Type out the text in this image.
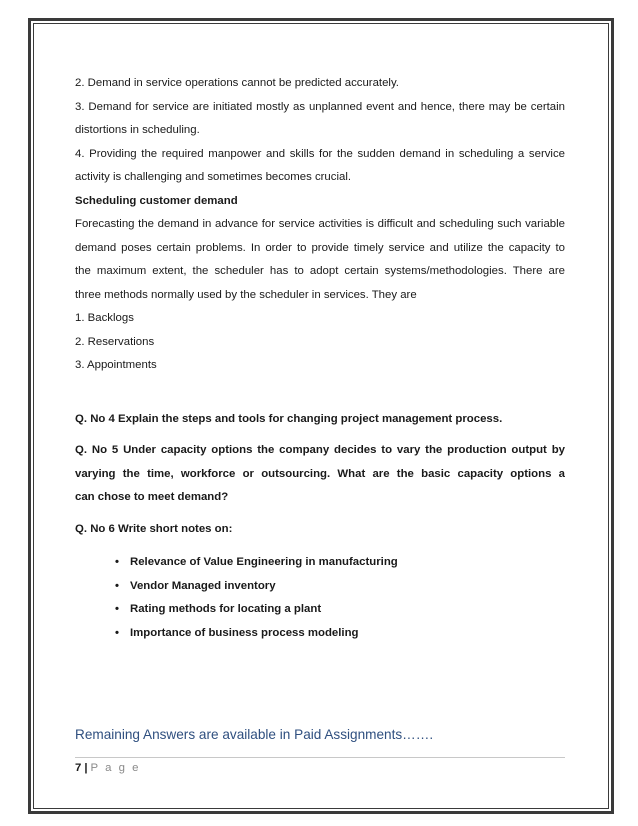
2. Demand in service operations cannot be predicted accurately.
3. Demand for service are initiated mostly as unplanned event and hence, there may be certain
distortions in scheduling.
4. Providing the required manpower and skills for the sudden demand in scheduling a service
activity is challenging and sometimes becomes crucial.
Scheduling customer demand
Forecasting the demand in advance for service activities is difficult and scheduling such variable
demand poses certain problems. In order to provide timely service and utilize the capacity to
the maximum extent, the scheduler has to adopt certain systems/methodologies. There are
three methods normally used by the scheduler in services. They are
1. Backlogs
2. Reservations
3. Appointments
Q. No 4 Explain the steps and tools for changing project management process.
Q. No 5 Under capacity options the company decides to vary the production output by
varying the time, workforce or outsourcing. What are the basic capacity options a
can chose to meet demand?
Q. No 6 Write short notes on:
• Relevance of Value Engineering in manufacturing
• Vendor Managed inventory
• Rating methods for locating a plant
• Importance of business process modeling
Remaining Answers are available in Paid Assignments…….
7 | P a g e
